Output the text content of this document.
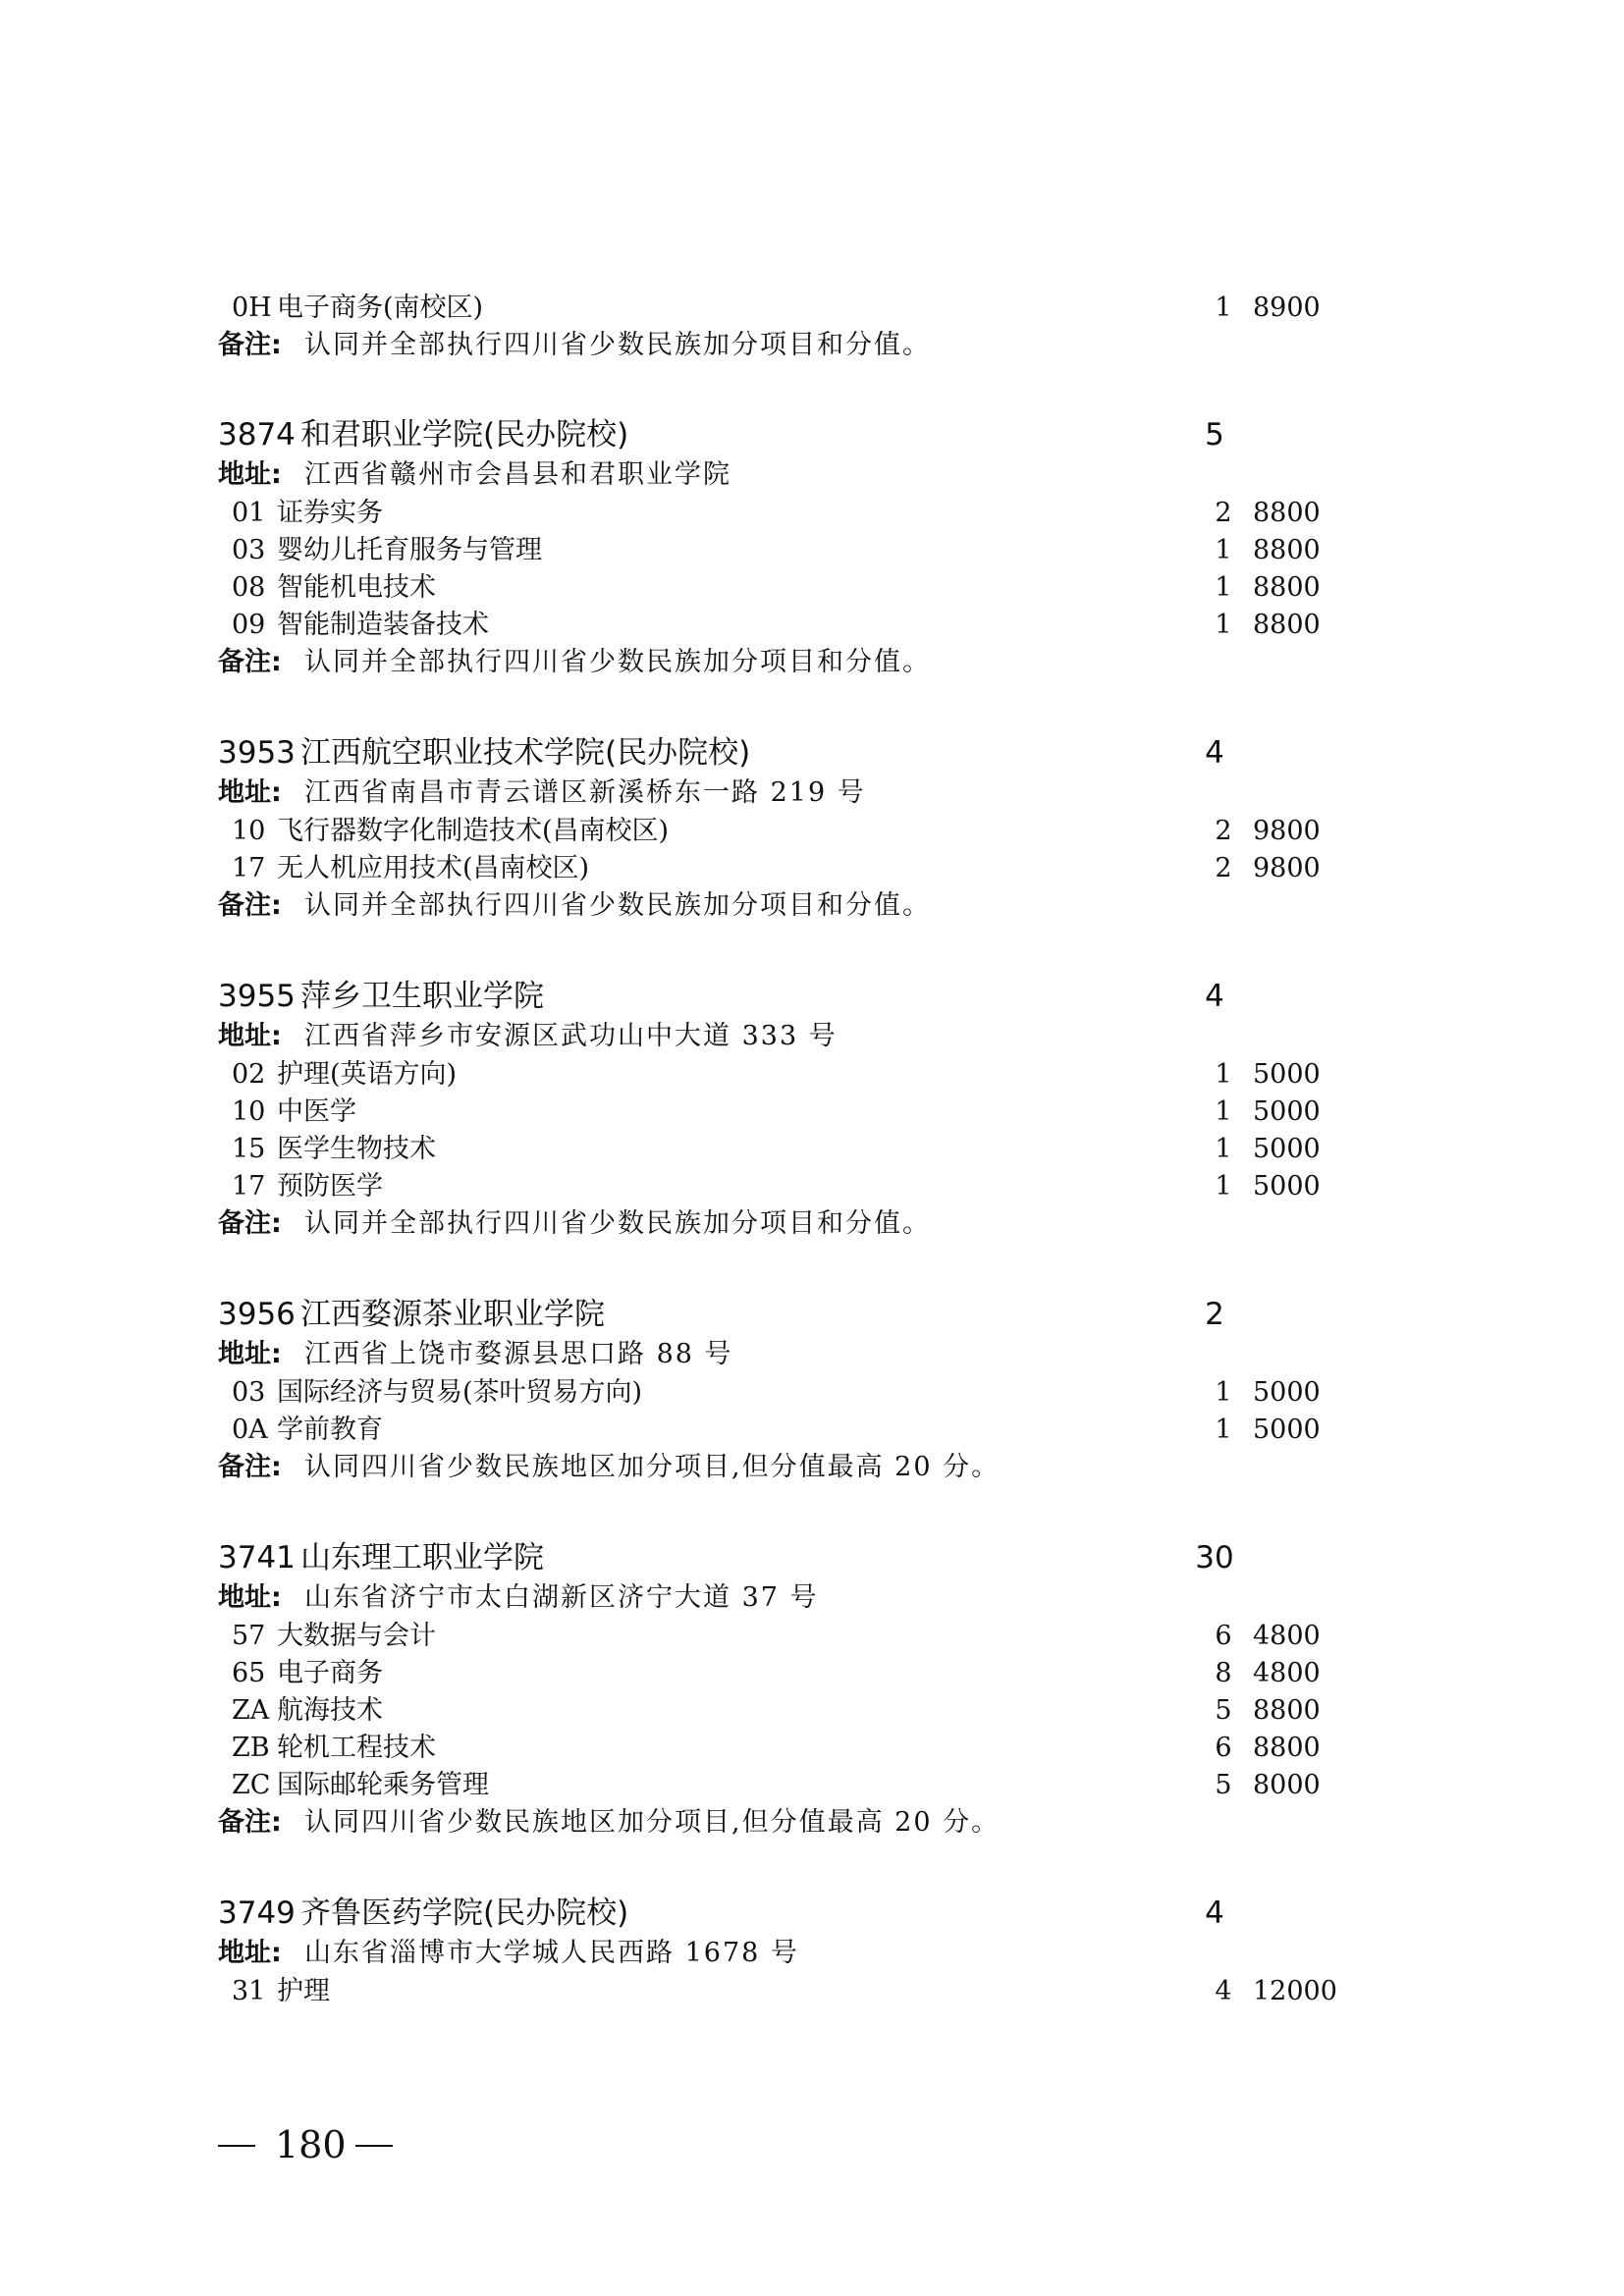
0H 电子商务(南校区)	1 8900
备注: 认同并全部执行四川省少数民族加分项目和分值。
3874 和君职业学院(民办院校)	5
地址: 江西省赣州市会昌县和君职业学院
01 证券实务	2 8800
03 婴幼儿托育服务与管理	1 8800
08 智能机电技术	1 8800
09 智能制造装备技术	1 8800
备注: 认同并全部执行四川省少数民族加分项目和分值。
3953 江西航空职业技术学院(民办院校)	4
地址: 江西省南昌市青云谱区新溪桥东一路 219 号
10 飞行器数字化制造技术(昌南校区)	2 9800
17 无人机应用技术(昌南校区)	2 9800
备注: 认同并全部执行四川省少数民族加分项目和分值。
3955 萍乡卫生职业学院	4
地址: 江西省萍乡市安源区武功山中大道 333 号
02 护理(英语方向)	1 5000
10 中医学	1 5000
15 医学生物技术	1 5000
17 预防医学	1 5000
备注: 认同并全部执行四川省少数民族加分项目和分值。
3956 江西婺源茶业职业学院	2
地址: 江西省上饶市婺源县思口路 88 号
03 国际经济与贸易(茶叶贸易方向)	1 5000
0A 学前教育	1 5000
备注: 认同四川省少数民族地区加分项目,但分值最高 20 分。
3741 山东理工职业学院	30
地址: 山东省济宁市太白湖新区济宁大道 37 号
57 大数据与会计	6 4800
65 电子商务	8 4800
ZA 航海技术	5 8800
ZB 轮机工程技术	6 8800
ZC 国际邮轮乘务管理	5 8000
备注: 认同四川省少数民族地区加分项目,但分值最高 20 分。
3749 齐鲁医药学院(民办院校)	4
地址: 山东省淄博市大学城人民西路 1678 号
31 护理	4 12000
180
